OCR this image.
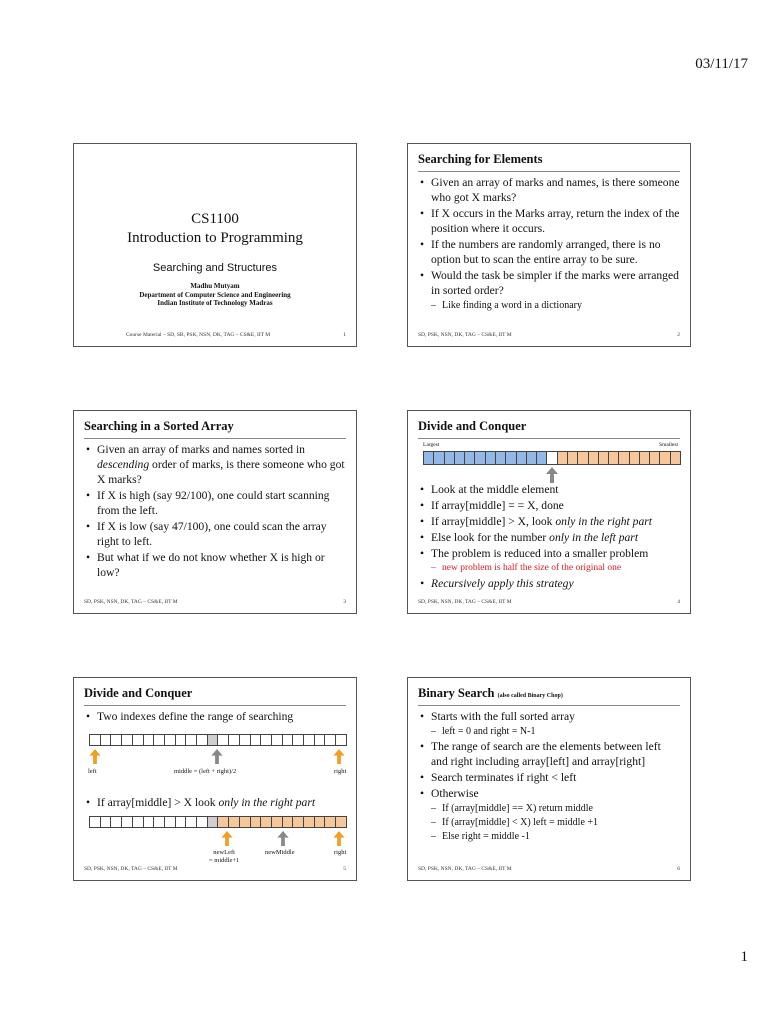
03/11/17
CS1100
Introduction to Programming
Searching and Structures
Madhu Mutyam
Department of Computer Science and Engineering
Indian Institute of Technology Madras
Course Material – SD, SB, PSK, NSN, DK, TAG – CS&E, IIT M	1
Searching for Elements
• Given an array of marks and names, is there someone who got X marks?
• If X occurs in the Marks array, return the index of the position where it occurs.
• If the numbers are randomly arranged, there is no option but to scan the entire array to be sure.
• Would the task be simpler if the marks were arranged in sorted order?
– Like finding a word in a dictionary
SD, PSK, NSN, DK, TAG – CS&E, IIT M	2
Searching in a Sorted Array
• Given an array of marks and names sorted in descending order of marks, is there someone who got X marks?
• If X is high (say 92/100), one could start scanning from the left.
• If X is low (say 47/100), one could scan the array right to left.
• But what if we do not know whether X is high or low?
SD, PSK, NSN, DK, TAG – CS&E, IIT M	3
Divide and Conquer
Largest	Smallest
• Look at the middle element
• If array[middle] = = X, done
• If array[middle] > X, look only in the right part
• Else look for the number only in the left part
• The problem is reduced into a smaller problem
– new problem is half the size of the original one
• Recursively apply this strategy
SD, PSK, NSN, DK, TAG – CS&E, IIT M	4
Divide and Conquer
• Two indexes define the range of searching
left	middle = (left + right)/2	right
• If array[middle] > X look only in the right part
newLeft
= middle+1
newMiddle	right
SD, PSK, NSN, DK, TAG – CS&E, IIT M	5
Binary Search (also called Binary Chop)
• Starts with the full sorted array
– left = 0 and right = N-1
• The range of search are the elements between left and right including array[left] and array[right]
• Search terminates if right < left
• Otherwise
– If (array[middle] == X) return middle
– If (array[middle] < X) left = middle +1
– Else right = middle -1
SD, PSK, NSN, DK, TAG – CS&E, IIT M	6
1
